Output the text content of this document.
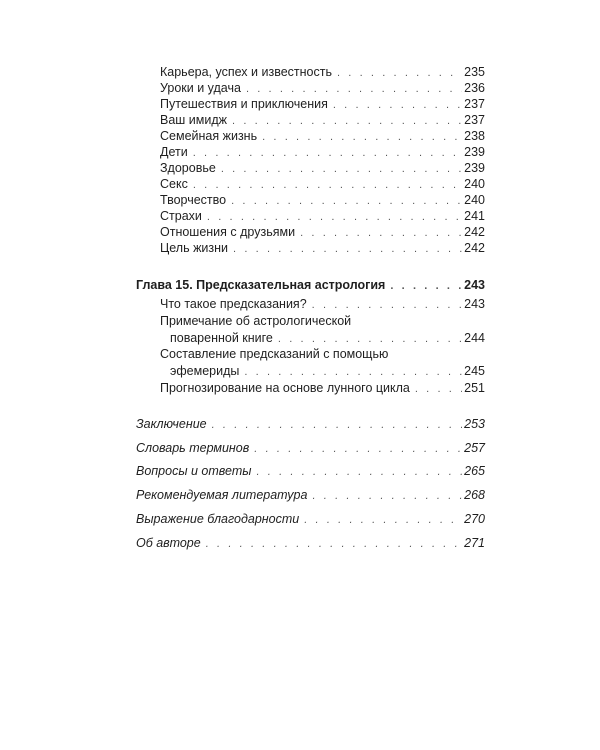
Карьера, успех и известность . . .	235
Уроки и удача . . .	236
Путешествия и приключения . . .	237
Ваш имидж . . .	237
Семейная жизнь . . .	238
Дети . . .	239
Здоровье . . .	239
Секс . . .	240
Творчество . . .	240
Страхи . . .	241
Отношения с друзьями . . .	242
Цель жизни . . .	242
Глава 15. Предсказательная астрология . . .	243
Что такое предсказания? . . .	243
Примечание об астрологической
поваренной книге . . .	244
Составление предсказаний с помощью
эфемериды . . .	245
Прогнозирование на основе лунного цикла . . .	251
Заключение . . .	253
Словарь терминов . . .	257
Вопросы и ответы . . .	265
Рекомендуемая литература . . .	268
Выражение благодарности . . .	270
Об авторе . . .	271
